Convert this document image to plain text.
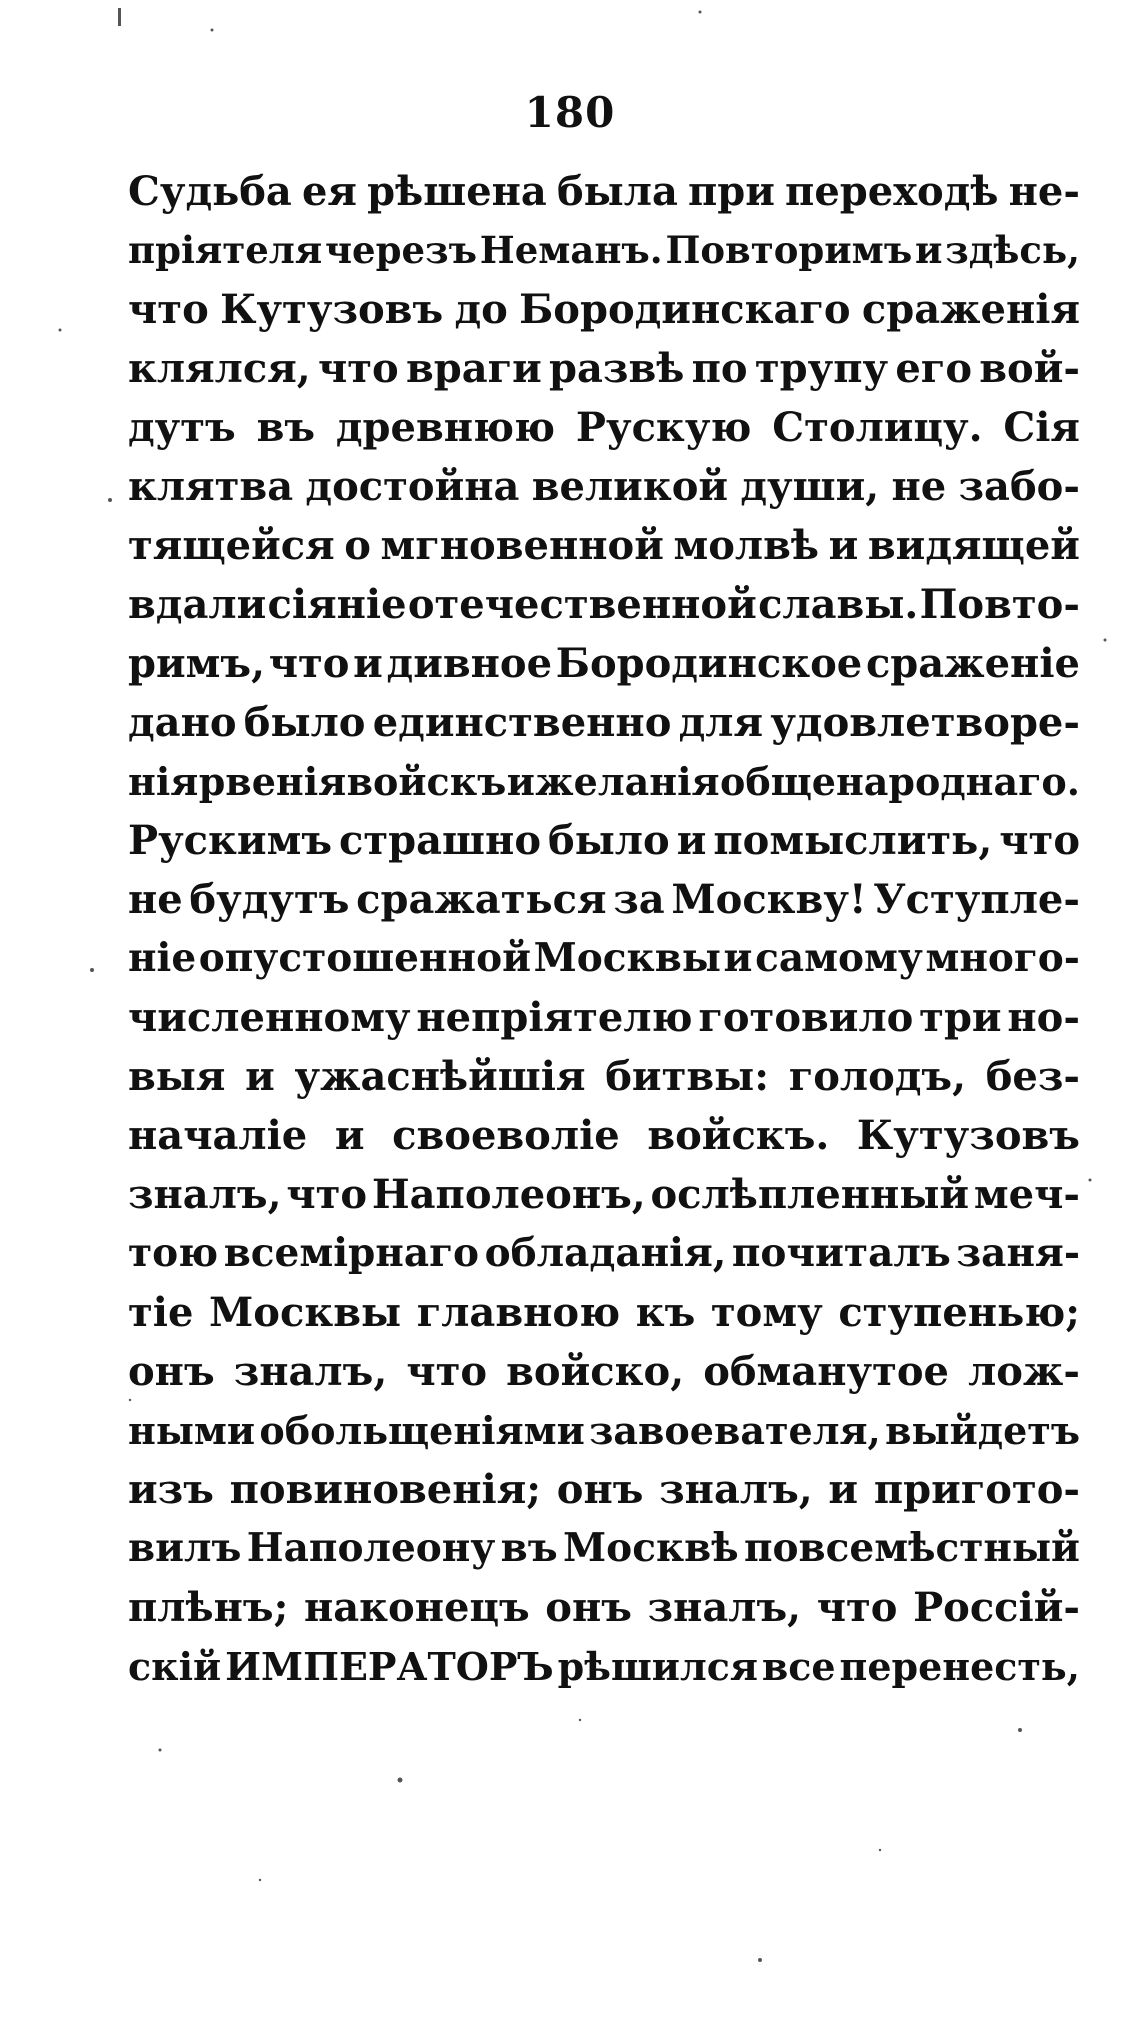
180
Судьба ея рѣшена была при переходѣ не-
пріятеля черезъ Неманъ. Повторимъ и здѣсь,
что Кутузовъ до Бородинскаго сраженія
клялся, что враги развѣ по трупу его вой-
дутъ въ древнюю Рускую Столицу. Сія
клятва достойна великой души, не забо-
тящейся о мгновенной молвѣ и видящей
вдали сіяніе отечественной славы. Повто-
римъ, что и дивное Бородинское сраженіе
дано было единственно для удовлетворе-
нія рвенія войскъ и желанія общенароднаго.
Рускимъ страшно было и помыслить, что
не будутъ сражаться за Москву! Уступле-
ніе опустошенной Москвы и самому много-
численному непріятелю готовило три но-
выя и ужаснѣйшія битвы: голодъ, без-
началіе и своеволіе войскъ. Кутузовъ
зналъ, что Наполеонъ, ослѣпленный меч-
тою всемірнаго обладанія, почиталъ заня-
тіе Москвы главною къ тому ступенью;
онъ зналъ, что войско, обманутое лож-
ными обольщеніями завоевателя, выйдетъ
изъ повиновенія; онъ зналъ, и пригото-
вилъ Наполеону въ Москвѣ повсемѣстный
плѣнъ; наконецъ онъ зналъ, что Россій-
скій ИМПЕРАТОРЪ рѣшился все перенесть,
